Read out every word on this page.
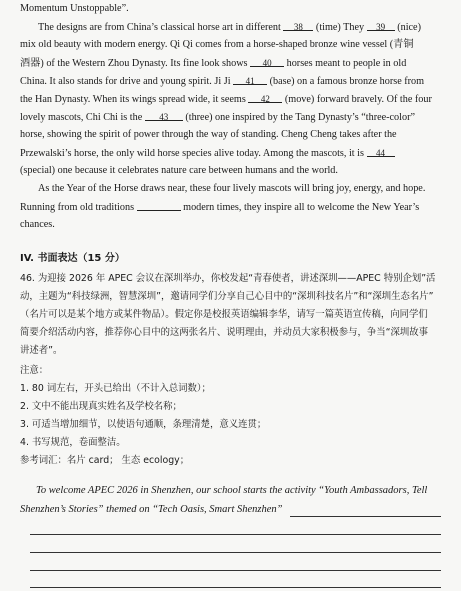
Momentum Unstoppable”.
The designs are from China’s classical horse art in different 38 (time) They 39 (nice)
mix old beauty with modern energy. Qi Qi comes from a horse-shaped bronze wine vessel (青铜
酒器) of the Western Zhou Dynasty. Its fine look shows 40 horses meant to people in old
China. It also stands for drive and young spirit. Ji Ji 41 (base) on a famous bronze horse from
the Han Dynasty. When its wings spread wide, it seems 42 (move) forward bravely. Of the four
lovely mascots, Chi Chi is the 43 (three) one inspired by the Tang Dynasty’s “three-color”
horse, showing the spirit of power through the way of standing. Cheng Cheng takes after the
Przewalski’s horse, the only wild horse species alive today. Among the mascots, it is 44
(special) one because it celebrates nature care between humans and the world.
As the Year of the Horse draws near, these four lively mascots will bring joy, energy, and hope.
Running from old traditions	modern times, they inspire all to welcome the New Year’s
chances.
IV. 书面表达（15 分）
46. 为迎接 2026 年 APEC 会议在深圳举办，你校发起“青春使者，讲述深圳——APEC 特别企划”活
动，主题为“科技绿洲，智慧深圳”，邀请同学们分享自己心目中的“深圳科技名片”和“深圳生态名片”
（名片可以是某个地方或某件物品）。假定你是校报英语编辑李华，请写一篇英语宣传稿，向同学们
简要介绍活动内容，推荐你心目中的这两张名片、说明理由，并动员大家积极参与，争当“深圳故事
讲述者”。
注意：
1. 80 词左右，开头已给出（不计入总词数）；
2. 文中不能出现真实姓名及学校名称；
3. 可适当增加细节，以使语句通顺，条理清楚，意义连贯；
4. 书写规范，卷面整洁。
参考词汇：名片 card； 生态 ecology；
To welcome APEC 2026 in Shenzhen, our school starts the activity “Youth Ambassadors, Tell
Shenzhen’s Stories” themed on “Tech Oasis, Smart Shenzhen”
